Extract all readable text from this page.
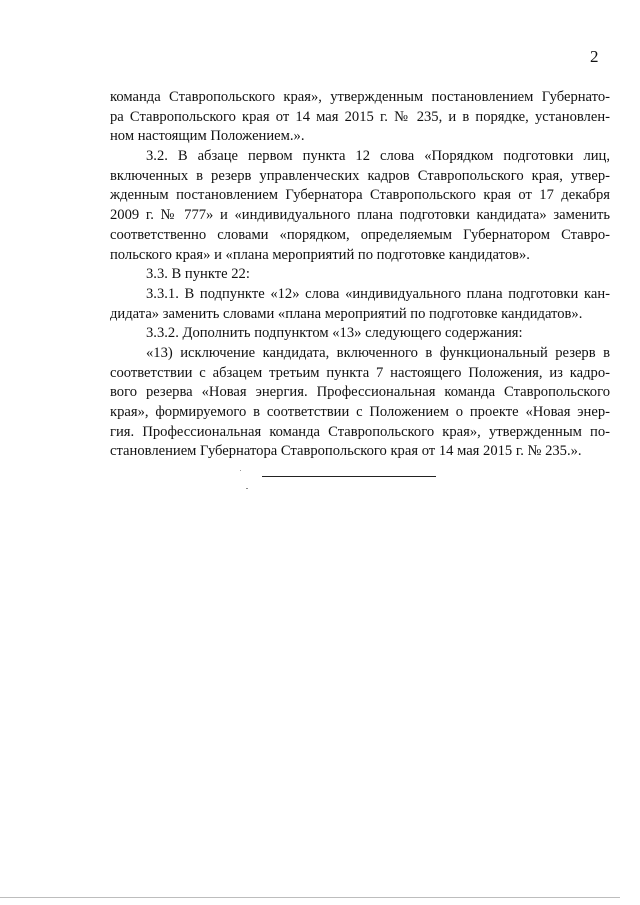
2
команда Ставропольского края», утвержденным постановлением Губернато-
ра Ставропольского края от 14 мая 2015 г. № 235, и в порядке, установлен-
ном настоящим Положением.».
3.2. В абзаце первом пункта 12 слова «Порядком подготовки лиц,
включенных в резерв управленческих кадров Ставропольского края, утвер-
жденным постановлением Губернатора Ставропольского края от 17 декабря
2009 г. № 777» и «индивидуального плана подготовки кандидата» заменить
соответственно словами «порядком, определяемым Губернатором Ставро-
польского края» и «плана мероприятий по подготовке кандидатов».
3.3. В пункте 22:
3.3.1. В подпункте «12» слова «индивидуального плана подготовки кан-
дидата» заменить словами «плана мероприятий по подготовке кандидатов».
3.3.2. Дополнить подпунктом «13» следующего содержания:
«13) исключение кандидата, включенного в функциональный резерв в
соответствии с абзацем третьим пункта 7 настоящего Положения, из кадро-
вого резерва «Новая энергия. Профессиональная команда Ставропольского
края», формируемого в соответствии с Положением о проекте «Новая энер-
гия. Профессиональная команда Ставропольского края», утвержденным по-
становлением Губернатора Ставропольского края от 14 мая 2015 г. № 235.».
